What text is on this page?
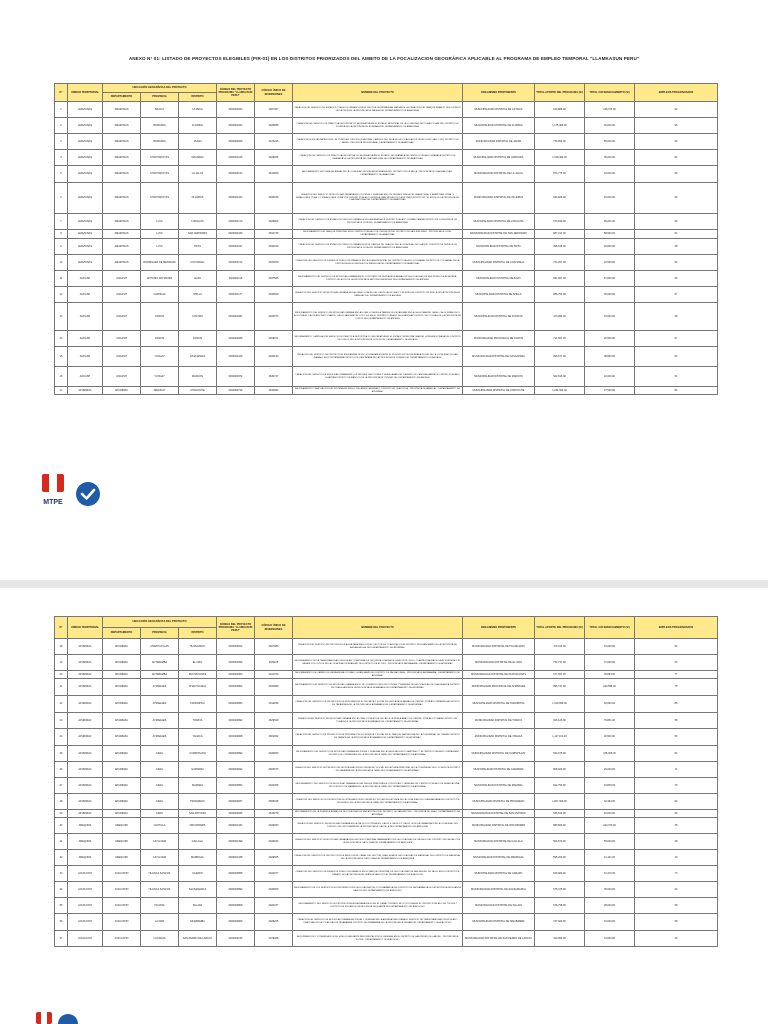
ANEXO N° 01: LISTADO DE PROYECTOS ELEGIBLES (PIR-01) EN LOS DISTRITOS PRIORIZADOS DEL AMBITO DE LA FOCALIZACION GEOGRÁFICA APLICABLE AL PROGRAMA DE EMPLEO TEMPORAL "LLAMKASUN PERU"
N°	UNIDAD TERRITORIAL	UBICACIÓN GEOGRÁFICA DEL PROYECTO			CÓDIGO DEL PROYECTO PROGRAMA "LLAMKASUN PERU"	CÓDIGO ÚNICO DE INVERSIONES	NOMBRE DEL PROYECTO	ORGANISMO PROPONENTE	TOTAL APORTE DEL PROGRAMA (S/)	TOTAL COFINANCIAMIENTO (S/)	EMPLEOS PROGRAMADOS
		DEPARTAMENTO	PROVINCIA	DISTRITO							
1	AMAZONAS	AMAZONAS	BAGUA	LA PECA	0000000163	2467397	CREACION DEL SERVICIO DE ESPACIOS PUBLICOS URBANOS EN EL SECTOR LA PRIMAVERA, MEDIANTE LA CREACION DEL PARQUE INFANTIL DEL DISTRITO DE LA PECA DE LA PROVINCIA DE BAGUA DEL DEPARTAMENTO DE AMAZONAS	MUNICIPALIDAD DISTRITAL DE LA PECA	613,888.00	148,373.00	52
2	AMAZONAS	AMAZONAS	BONGARA	FLORIDA	0000001064	2623889	CREACION DEL SERVICIO DE PRACTICA DEPORTIVA Y/O RECREATIVA EN EL ESTADIO MUNICIPAL DE LA LOCALIDAD DE POMACOCHAS DEL DISTRITO DE FLORIDA DE LA PROVINCIA DE BONGARA DEL DEPARTAMENTO DE AMAZONAS	MUNICIPALIDAD DISTRITAL DE FLORIDA	1,175,386.00	30,000.00	96
3	AMAZONAS	AMAZONAS	BONGARA	JAZAN	0000000069	2470226	CREACION DE ESCALINATAS EN EL JR. PUMTUAS Y ACCESO PEATONAL CAMINOS DEL INCA EN LA LOCALIDAD DE PEDRO RUIZ GALLO DEL DISTRITO DE JAZAN - PROVINCIA DE BONGARA - DEPARTAMENTO DE AMAZONAS	MUNICIPALIDAD DISTRITAL DE JAZAN	733,953.00	55,000.00	60
4	AMAZONAS	AMAZONAS	CHACHAPOYAS	GRANADA	0000001166	2629966	CREACION DEL SERVICIO DE PRACTICA DEPORTIVA Y/O RECREATIVA EN EL ESTADIO DE GRANADA DE CENTRO POBLADO GRANADA DISTRITO DE GRANADA DE LA PROVINCIA DE CHACHAPOYAS DEL DEPARTAMENTO DE AMAZONAS	MUNICIPALIDAD DISTRITAL DE GRANADA	1,129,482.00	35,000.00	84
5	AMAZONAS	AMAZONAS	CHACHAPOYAS	LA JALCA	0000000123	2513869	MEJORAMIENTO DE PLAZA DE ARMAS DE LA LOCALIDAD DE NUEVA ESPERANZA DEL DISTRITO DE LA JALCA - PROVINCIA DE CHACHAPOYAS - DEPARTAMENTO DE AMAZONAS	MUNICIPALIDAD DISTRITAL DE LA JALCA	874,775.00	43,000.00	58
6	AMAZONAS	AMAZONAS	CHACHAPOYAS	OLLEROS	0000001443	2634038	CREACION DEL SERVICIO DE MOVILIDAD URBANA EN LOS PSTAS Y VEREDAS EN LOS JIRONES PERLA DEL IMAZA CDRA. 3, AMAZONAS CDRA. 3, MIRAFLORES CDRA. 2 Y MIRAFLORES CDRA 3 DE CENTRO POBLADO LA PERLA (SAN MIGUEL DE LA REYNA) DISTRITO DE OLLEROS DE LA PROVINCIA DE CHACHAPOYAS DEL DEPARTAMENTO DE AMAZONAS	MUNICIPALIDAD DISTRITAL DE OLLEROS	844,925.00	15,000.00	69
7	AMAZONAS	AMAZONAS	LUYA	LONGUITA	0000001170	2629900	CREACION DEL SERVICIO DE ESPACIOS PUBLICOS URBANOS EN LA ALAMEDA DE CENTRO POBLADO CORRAL PAMPA DISTRITO DE LONGUITA DE LA PROVINCIA DE LUYA DEL DEPARTAMENTO DE AMAZONAS	MUNICIPALIDAD DISTRITAL DE LONGUITA	670,630.00	99,201.00	65
8	AMAZONAS	AMAZONAS	LUYA	SAN JERONIMO	0000000439	2541739	MEJORAMIENTO DEL PARQUE PRINCIPAL EN EL CENTRO POBLADO DE CHOSGON DEL DISTRITO DE SAN JERONIMO - PROVINCIA DE LUYA - DEPARTAMENTO DE AMAZONAS	MUNICIPALIDAD DISTRITAL DE SAN JERONIMO	687,217.00	58,500.00	61
9	AMAZONAS	AMAZONAS	LUYA	TRITA	0000001027	2640229	CREACION DEL SERVICIO DE ESPACIOS PUBLICOS URBANOS EN EL PARQUE DE CHAQUIL DE LA LOCALIDAD DE CHAQUIL, DISTRITO DE TRITA DE LA PROVINCIA DE LUYA DEL DEPARTAMENTO DE AMAZONAS	MUNICIPALIDAD DISTRITAL DE TRITA	495,165.00	20,800.00	38
10	AMAZONAS	AMAZONAS	RODRIGUEZ DE MENDOZA	COCHAMAL	0000001074	2631209	CREACION DEL SERVICIO DE ESPACIOS PUBLICOS URBANOS EN LA PLAZA PRINCIPAL DE CENTRO POBLADO COCHAMAL DISTRITO DE COCHAMAL DE LA PROVINCIA DE RODRIGUEZ DE MENDOZA DEL DEPARTAMENTO DE AMAZONAS	MUNICIPALIDAD DISTRITAL DE COCHAMAL	723,207.00	22,505.00	52
11	ANCASH	ANCASH	ANTONIO RAYMONDI	ACZO	0000001119	2637585	MEJORAMIENTO DEL SERVICIO DE MOVILIDAD URBANA EN EL CONTORNO DE LA PLAZA DE ARMAS EN LA LOCALIDAD DE SAN PEDRO DE ACHUPATA, DISTRITO DE ACZO DE LA PROVINCIA DE ANTONIO RAYMONDI DEL DEPARTAMENTO DE ANCASH	MUNICIPALIDAD DISTRITAL DE ACZO	691,967.00	67,800.00	64
12	ANCASH	ANCASH	CARHUAZ	SHILLA	0000001177	2640509	CREACION DEL SERVICIO DE MOVILIDAD URBANA EN LAS VIAS LOCALES DEL JIRON LAS FLORES Y JR BUIN DEL DISTRITO DE SHILLA DE LA PROVINCIA DE CARHUAZ DEL DEPARTAMENTO DE ANCASH	MUNICIPALIDAD DISTRITAL DE SHILLA	886,750.00	35,000.00	67
13	ANCASH	ANCASH	OCROS	COCHAS	0000001082	2632973	MEJORAMIENTO DEL SERVICIO DE MOVILIDAD URBANA EN LAS VIAS LOCALES A TRAVES DE ESCALERAS EN LA CALLE MANUEL GRAU, CALLE FRANCISCO BOLOGNESI, CALLE ALFONSO UGARTE, CALLE SAN MARTIN Y PSJ. S/N EN EL CENTRO POBLADO DE HUANCHAY DISTRITO DE COCHAS DE LA PROVINCIA DE OCROS DEL DEPARTAMENTO DE ANCASH	MUNICIPALIDAD DISTRITAL DE COCHAS	473,999.00	15,000.00	38
14	ANCASH	ANCASH	OCROS	OCROS	0000000289	2499971	MEJORAMIENTO Y AMPLIACION SERVICIO DE PRACTICA DEPORTIVA Y/O RECREATIVA EN EL ESTADIO MUNICIPAL MANUEL GONZALES PRADA DEL DISTRITO DE OCROS DE LA PROVINCIA DE OCROS DEL DEPARTAMENTO DE ANCASH	MUNICIPALIDAD PROVINCIAL DE OCROS	721,567.00	20,500.00	67
15	ANCASH	ANCASH	YUNGAY	CASCAPARA	0000001109	2634193	CREACION DEL SERVICIO DE PROTECCION EN RIBERAS DE RIO VULNERABLES ANTE EL PELIGRO EN LA QUEBRADA PUCAP DE LA LOCALIDAD DE SAN ISAMAEL SECTOR PATARATA DISTRITO DE CASCAPARA DE LA PROVINCIA DE YUNGAY DEL DEPARTAMENTO DE ANCASH	MUNICIPALIDAD DISTRITAL DE CASCAPARA	399,577.00	38,800.00	52
16	ANCASH	ANCASH	YUNGAY	MANCOS	0000000972	2630727	CREACION DEL SERVICIO DE MOVILIDAD URBANA EN LOS JIRONES LAS FLORES Y HUASCARAN DEL CASERIO DE CANCHASHAPPA DE CENTRO POBLADO HUARYAN DISTRITO DE MANCOS DE LA PROVINCIA DE YUNGAY DEL DEPARTAMENTO DE ANCASH	MUNICIPALIDAD DISTRITAL DE MANCOS	632,613.00	10,000.00	51
17	APURIMAC	APURIMAC	ABANCAY	CHACOCHE	0000000716	2514864	MEJORAMIENTO Y AMPLIACION DEL SISTEMA DE RIEGO, DEL ANEXO ANDINAYO, DISTRITO DE CHACOCHE - PROVINCIA DE ABANCAY - DEPARTAMENTO DE APURIMAC	MUNICIPALIDAD DISTRITAL DE CHACOCHE	1,231,392.00	17,500.00	84
MTPE
N°	UNIDAD TERRITORIAL	UBICACIÓN GEOGRÁFICA DEL PROYECTO			CÓDIGO DEL PROYECTO PROGRAMA "LLAMKASUN PERU"	CÓDIGO ÚNICO DE INVERSIONES	NOMBRE DEL PROYECTO	ORGANISMO PROPONENTE	TOTAL APORTE DEL PROGRAMA (S/)	TOTAL COFINANCIAMIENTO (S/)	EMPLEOS PROGRAMADOS
		DEPARTAMENTO	PROVINCIA	DISTRITO							
18	APURIMAC	APURIMAC	ANDAHUAYLAS	HUANCARAY	0000000974	2627986	CREACION DEL SERVICIO DE PROVISION DE AGUA PARA RIEGO EN EL SECTOR DE CCARCCACU DEL DISTRITO DE HUANCARAY DE LA PROVINCIA DE ANDAHUAYLAS DEL DEPARTAMENTO DE APURIMAC	MUNICIPALIDAD DISTRITAL DE HUANCARAY	474,913.00	15,000.00	52
19	APURIMAC	APURIMAC	ANTABAMBA	EL ORO	0000001659	2531105	MEJORAMIENTO DE LA TRANSITABILIDAD VEHICULAR Y PEATONAL DE LA QUINTA CUADRA DE LA AV 28 DE JULIO, CUARTA CUADRA DE LA AV SURPERA Y EL PASAJE LOS OLIVOS DE LA LOCALIDAD DE AYAHUAY DEL DISTRITO DE EL ORO - PROVINCIA DE ANTABAMBA - DEPARTAMENTO DE APURIMAC	MUNICIPALIDAD DISTRITAL DE EL ORO	732,737.00	37,000.00	53
20	APURIMAC	APURIMAC	ANTABAMBA	PACHACONAS	0000000304	2441760	MEJORAMIENTO DE CAMINO DE HERRADURA COCHAUI - HUANCARAY DEL DISTRITO DE PACHACONAS - PROVINCIA DE ANTABAMBA - DEPARTAMENTO DE APURIMAC	MUNICIPALIDAD DISTRITAL DE PACHACONAS	577,697.00	36,893.00	77
21	APURIMAC	APURIMAC	AYMARAES	CHALHUANCA	0000000904	2631889	MEJORAMIENTO DEL SERVICIO DE MOVILIDAD URBANA EN EL JR. COMERCIO INCLUIDO PISTAS Y VEREDAS DE LA LOCALIDAD DE CHALHUANCA DISTRITO DE CHALHUANCA DE LA PROVINCIA DE AYMARAES DEL DEPARTAMENTO DE APURIMAC	MUNICIPALIDAD PROVINCIAL DE AYMARAES	995,737.00	240,598.00	75
22	APURIMAC	APURIMAC	AYMARAES	TAPAIRIHUA	0000000953	2612259	CREACION DEL SERVICIO DE PROMOCION DE INTEGRACION ECONOMICA Y SOCIAL EN LA PLAZA DE ARMAS DE CENTRO POBLADO TAPAIRIHUA DISTRITO DE TAPAIRIHUA DE LA PROVINCIA DE AYMARAES DEL DEPARTAMENTO DE APURIMAC	MUNICIPALIDAD DISTRITAL DE TAPAIRIHUA	1,319,999.00	50,660.00	86
23	APURIMAC	APURIMAC	AYMARAES	TORAYA	0000000992	2629529	CREACION DEL SERVICIO DE MOVILIDAD URBANA EN LAS VIAS LOCALES DE LA CALLE LA PERLA/ABAJO DE CENTRO POBLADO TORAYA DISTRITO DE TORAYA DE LA PROVINCIA DE AYMARAES DEL DEPARTAMENTO DE APURIMAC	MUNICIPALIDAD DISTRITAL DE TORAYA	818,123.00	79,851.00	58
24	APURIMAC	APURIMAC	AYMARAES	YANACA	0000000968	2602952	CREACION DEL SERVICIO DE PROMOCION DE INTEGRACION ECONOMICA Y SOCIAL EN EL PARQUE SANTA ROSA DE LA COMUNIDAD DE YUMIRE DISTRITO DE YANACA DE LA PROVINCIA DE AYMARAES DEL DEPARTAMENTO DE APURIMAC	MUNICIPALIDAD DISTRITAL DE YANACA	1,117,100.00	40,500.00	53
25	APURIMAC	APURIMAC	GRAU	CURPAHUASI	0000000993	2632893	MEJORAMIENTO DEL SERVICIO DE MOVILIDAD URBANA EN PISTAS Y VEREDAS EN LA CALLE AUGUSTO MARTINEZ Y JR CENTRO POBLADO CURPAHUASI DISTRITO DE CURPAHUASI DE LA PROVINCIA DE GRAU DEL DEPARTAMENTO DE APURIMAC	MUNICIPALIDAD DISTRITAL DE CURPAHUASI	530,078.00	155,308.00	54
26	APURIMAC	APURIMAC	GRAU	GAMARRA	0000000922	2603679	CREACION DEL SERVICIO DE PROMOCION DE INTEGRACION ECONOMICA Y SOCIAL EN LA PLAZA PRINCIPAL DE LA COMUNIDAD DE LLCCHIVILCA DISTRITO DE GAMARRA DE LA PROVINCIA DE GRAU DEL DEPARTAMENTO DE APURIMAC	MUNICIPALIDAD DISTRITAL DE GAMARRA	808,029.00	29,000.00	74
27	APURIMAC	APURIMAC	GRAU	MAMARA	0000000954	2631366	MEJORAMIENTO DEL SERVICIO DE MOVILIDAD URBANA EN LAS CALLES PRINCIPALES CON PISTAS Y VEREDAS DEL CENTRO POBLADO DE HUANCACUNA DEL DISTRITO DE MAMARA DE LA PROVINCIA DE GRAU DEL DEPARTAMENTO DE APURIMAC	MUNICIPALIDAD DISTRITAL DE MAMARA	812,793.00	43,809.00	79
28	APURIMAC	APURIMAC	GRAU	PROGRESO	0000000937	2595348	CREACION DEL SERVICIO DE PROMOCION DE INTEGRACION ECONOMICA Y SOCIAL EN LA PLAZA DE LA LOCALIDAD DE CCAHUAHUARA DEL DISTRITO DE PROGRESO DE LA PROVINCIA DE GRAU DEL DEPARTAMENTO DE APURIMAC	MUNICIPALIDAD DISTRITAL DE PROGRESO	1,007,309.00	32,494.00	62
29	APURIMAC	APURIMAC	GRAU	SAN ANTONIO	0000000936	2515279	MEJORAMIENTO DE LA PLAZA DE ARMAS DE LA LOCALIDAD DE SAN ANTONIO DEL DISTRITO DE SAN ANTONIO - PROVINCIA DE GRAU - DEPARTAMENTO DE APURIMAC	MUNICIPALIDAD DISTRITAL DE SAN ANTONIO	636,619.00	10,000.00	65
30	AREQUIPA	AREQUIPA	CASTILLA	ORCOPAMPA	0000001334	2633063	CREACION DEL SERVICIO DE MOVILIDAD URBANA EN LA CALLE LOS TRIGALES, CALLE S CALLE 8 Y CALLE 10 DE LA URBANIZACION LA LOCALIDAD DEL DISTRITO DE ORCOPAMPA DE LA PROVINCIA DE CASTILLA DEL DEPARTAMENTO DE AREQUIPA	MUNICIPALIDAD DISTRITAL DE ORCOPAMPA	889,663.00	240,079.00	35
31	AREQUIPA	AREQUIPA	CAYLLOMA	CALLALLI	0000001399	2634934	CREACION DEL SERVICIO DE MOVILIDAD URBANA EN EL ACCESO PEATONAL MANASAPATIO EN LA LOCALIDAD DE CALLALLI DEL DISTRITO DE CALLALLI DE LA PROVINCIA DE CAYLLOMA DEL DEPARTAMENTO DE AREQUIPA	MUNICIPALIDAD DISTRITAL DE CALLALLI	501,672.00	55,000.00	48
32	AREQUIPA	AREQUIPA	CAYLLOMA	MADRIGAL	0000001338	2629605	CREACION DEL SERVICIO DE PROTECCION DE RIEGO EN EL CANAL DEL SECTOR CHALLIHUA DE LA LOCALIDAD DE MADRIGAL DEL DISTRITO DE MADRIGAL DE LA PROVINCIA DE CAYLLOMA DEL DEPARTAMENTO DE AREQUIPA	MUNICIPALIDAD DISTRITAL DE MADRIGAL	595,200.00	41,101.00	40
33	AYACUCHO	AYACUCHO	HUANCA SANCOS	CARAPO	0000000955	2631977	CREACION DEL SERVICIO DE ESPACIOS PUBLICOS URBANOS EN EL PARQUE PRINCIPAL DE LA LOCALIDAD DE SAN MIGUEL DE TALLU EN EL DISTRITO DE CARAPO DE LA PROVINCIA DE HUANCA SANCOS DEL DEPARTAMENTO DE AYACUCHO	MUNICIPALIDAD DISTRITAL DE CARAPO	630,081.00	31,472.00	73
34	AYACUCHO	AYACUCHO	HUANCA SANCOS	SACSAMARCA	0000000993	2630606	MEJORAMIENTO DE LOS SERVICIOS ECOSISTEMICOS EN LA LOCALIDAD DE CCOCHAMARCA DEL DISTRITO DE SACSAMARCA DE LA PROVINCIA DE HUANCA SANCOS DEL DEPARTAMENTO DE AYACUCHO	MUNICIPALIDAD DISTRITAL DE SACSAMARCA	575,378.00	35,000.00	63
35	AYACUCHO	AYACUCHO	HUANTA	SILLIAN	0000000808	2620237	MEJORAMIENTO DEL SERVICIO DE PROVISION DE AGUA PARA RIEGO EN EL CANAL TUNYACU MOTOYCOCHA EN EL CENTRO POBLADO DE TOCHOLI DISTRITO DE SILLIAN DE LA PROVINCIA DE HUANTA DEL DEPARTAMENTO DE AYACUCHO	MUNICIPALIDAD DISTRITAL DE SILLIAN	576,798.00	28,000.00	58
36	AYACUCHO	AYACUCHO	LA MAR	NINABAMBA	0000000969	2629205	CREACION DEL SERVICIO DE MOVILIDAD URBANA EN PISTAS Y VEREDAS EN LA AVENIDA PERU PARA EL SERVICIO DE TRANSITABILIDAD VEHICULAR Y PEATONAL EN LA LOCALIDAD DE NINABAMBA, DISTRITO DE NINABAMBA DE LA PROVINCIA DE LA MAR DEL DEPARTAMENTO DE AYACUCHO	MUNICIPALIDAD DISTRITAL DE NINABAMBA	737,624.00	15,000.00	58
37	AYACUCHO	AYACUCHO	LUCANAS	SAN PEDRO DE LARCAY	0000000749	2479086	RECUPERACION Y CONSERVACION DE SUELOS MEDIANTE REFORESTACION DE LADERAS EN EL DISTRITO DE SAN PEDRO DE LARCAY - PROVINCIA DE SUCRE - DEPARTAMENTO DE AYACUCHO	MUNICIPALIDAD DISTRITAL DE SAN PEDRO DE LARCAY	414,959.00	31,600.00	43
